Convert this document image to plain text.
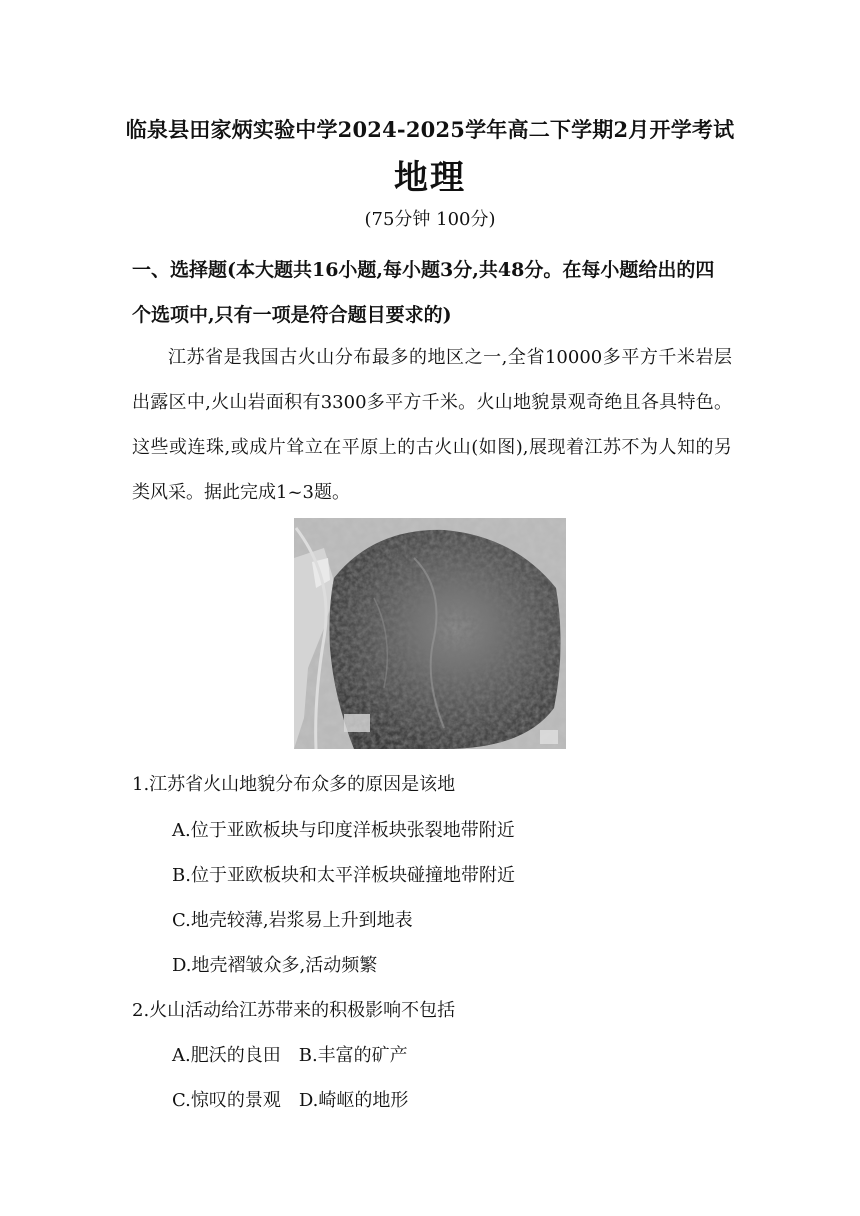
临泉县田家炳实验中学2024-2025学年高二下学期2月开学考试
地理
(75分钟 100分)
一、选择题(本大题共16小题,每小题3分,共48分。在每小题给出的四个选项中,只有一项是符合题目要求的)
江苏省是我国古火山分布最多的地区之一,全省10000多平方千米岩层出露区中,火山岩面积有3300多平方千米。火山地貌景观奇绝且各具特色。这些或连珠,或成片耸立在平原上的古火山(如图),展现着江苏不为人知的另类风采。据此完成1~3题。
1.江苏省火山地貌分布众多的原因是该地
A.位于亚欧板块与印度洋板块张裂地带附近
B.位于亚欧板块和太平洋板块碰撞地带附近
C.地壳较薄,岩浆易上升到地表
D.地壳褶皱众多,活动频繁
2.火山活动给江苏带来的积极影响不包括
A.肥沃的良田 B.丰富的矿产
C.惊叹的景观 D.崎岖的地形
